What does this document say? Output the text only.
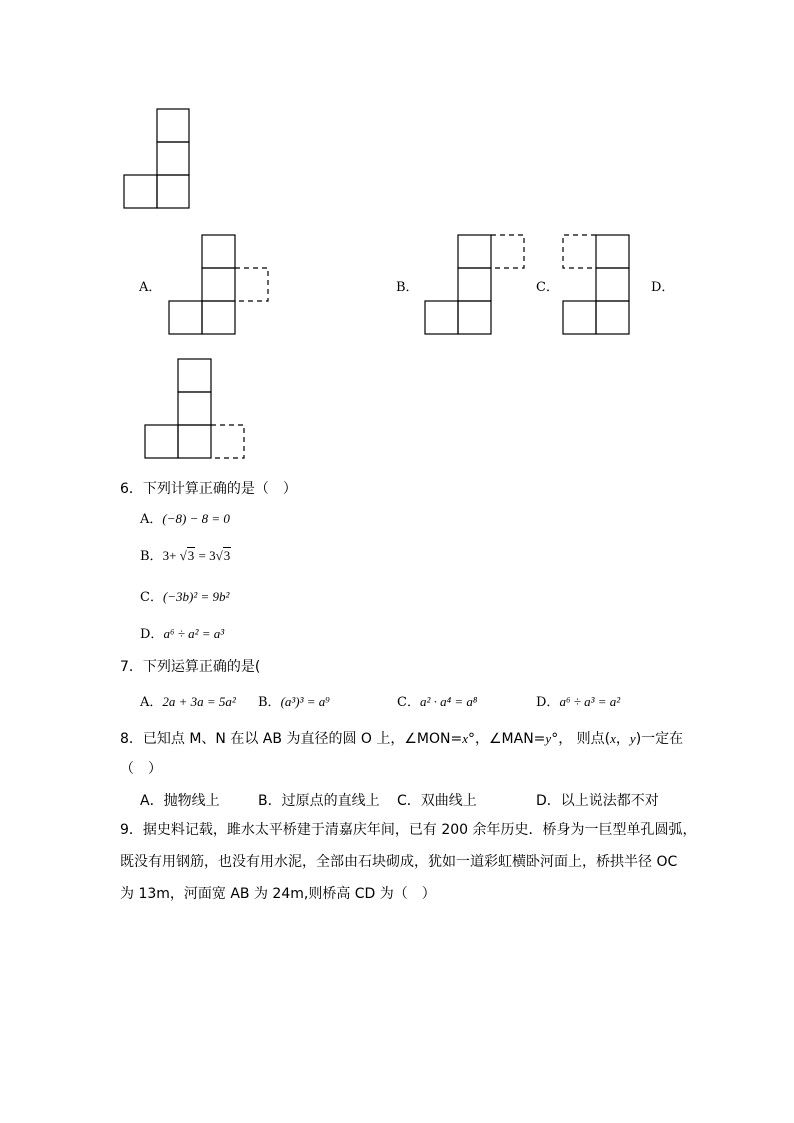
A．	B．	C．	D．
6．下列计算正确的是（　）
A．(−8) − 8 = 0
B．3+ √3 = 3√3
C．(−3b)² = 9b²
D．a⁶ ÷ a² = a³
7．下列运算正确的是(
A．2a + 3a = 5a² B．(a³)³ = a⁹	C．a² · a⁴ = a⁸	D．a⁶ ÷ a³ = a²
8．已知点 M、N 在以 AB 为直径的圆 O 上，∠MON=x°，∠MAN=y°， 则点(x，y)一定在
（　）
A．抛物线上	B．过原点的直线上 C．双曲线上	D．以上说法都不对
9．据史料记载，雎水太平桥建于清嘉庆年间，已有 200 余年历史．桥身为一巨型单孔圆弧，
既没有用钢筋，也没有用水泥，全部由石块砌成，犹如一道彩虹横卧河面上，桥拱半径 OC
为 13m，河面宽 AB 为 24m,则桥高 CD 为（　）
